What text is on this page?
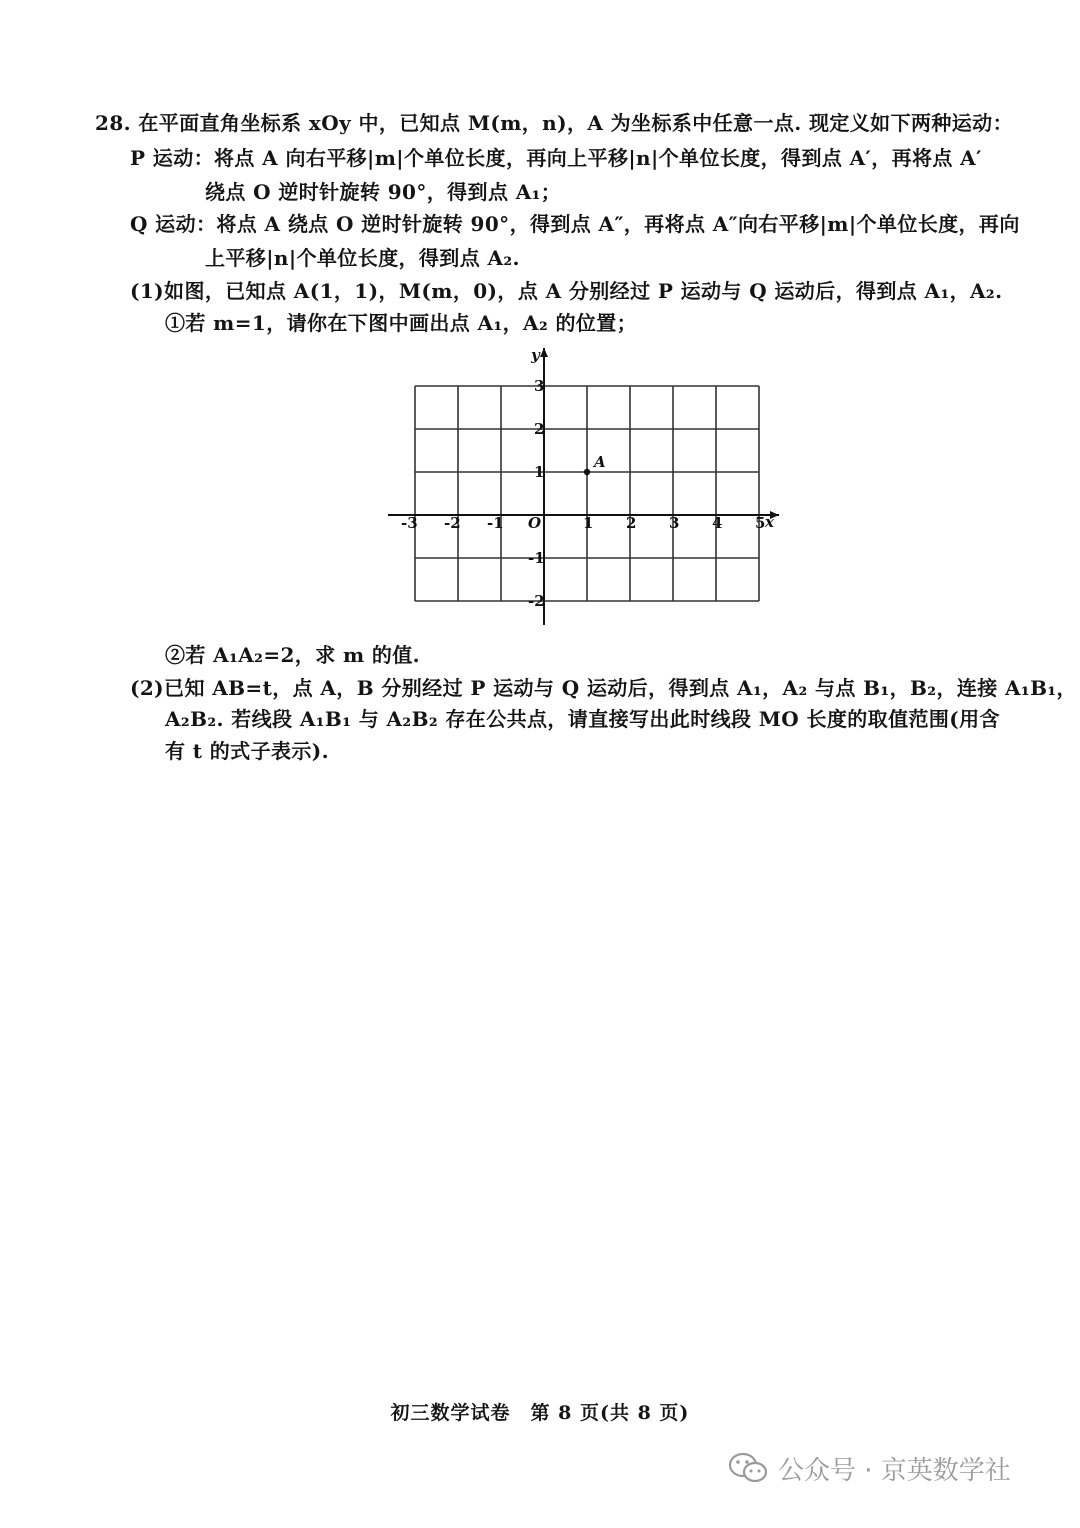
28. 在平面直角坐标系 xOy 中，已知点 M(m，n)，A 为坐标系中任意一点. 现定义如下两种运动：
P 运动：将点 A 向右平移|m|个单位长度，再向上平移|n|个单位长度，得到点 A′，再将点 A′
绕点 O 逆时针旋转 90°，得到点 A₁；
Q 运动：将点 A 绕点 O 逆时针旋转 90°，得到点 A″，再将点 A″向右平移|m|个单位长度，再向
上平移|n|个单位长度，得到点 A₂.
(1)如图，已知点 A(1，1)，M(m，0)，点 A 分别经过 P 运动与 Q 运动后，得到点 A₁，A₂.
①若 m=1，请你在下图中画出点 A₁，A₂ 的位置；
x
y
O
-3 -2 -1	1 2 3 4 5
-2
-1
1
2
3
A
②若 A₁A₂=2，求 m 的值.
(2)已知 AB=t，点 A，B 分别经过 P 运动与 Q 运动后，得到点 A₁，A₂ 与点 B₁，B₂，连接 A₁B₁，
A₂B₂. 若线段 A₁B₁ 与 A₂B₂ 存在公共点，请直接写出此时线段 MO 长度的取值范围(用含
有 t 的式子表示).
初三数学试卷　第 8 页(共 8 页)
公众号 · 京英数学社
